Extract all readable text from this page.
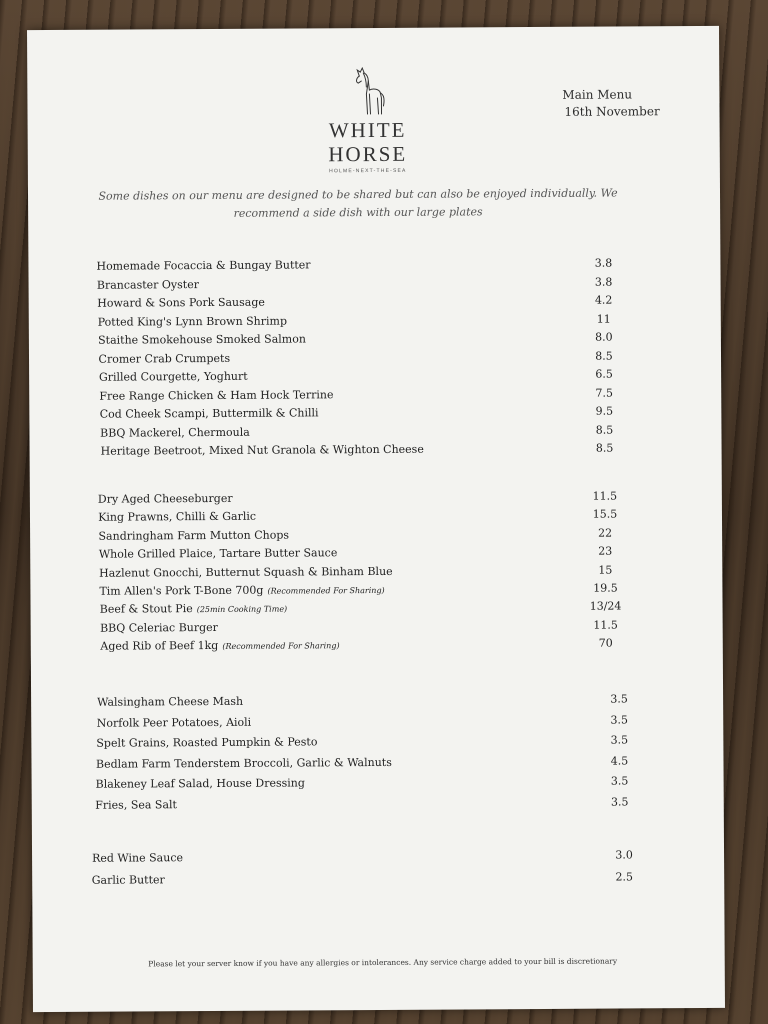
WHITE
HORSE
HOLME-NEXT-THE-SEA
Main Menu
16th November
Some dishes on our menu are designed to be shared but can also be enjoyed individually. We recommend a side dish with our large plates
Homemade Focaccia & Bungay Butter	3.8
Brancaster Oyster	3.8
Howard & Sons Pork Sausage	4.2
Potted King's Lynn Brown Shrimp	11
Staithe Smokehouse Smoked Salmon	8.0
Cromer Crab Crumpets	8.5
Grilled Courgette, Yoghurt	6.5
Free Range Chicken & Ham Hock Terrine	7.5
Cod Cheek Scampi, Buttermilk & Chilli	9.5
BBQ Mackerel, Chermoula	8.5
Heritage Beetroot, Mixed Nut Granola & Wighton Cheese	8.5
Dry Aged Cheeseburger	11.5
King Prawns, Chilli & Garlic	15.5
Sandringham Farm Mutton Chops	22
Whole Grilled Plaice, Tartare Butter Sauce	23
Hazlenut Gnocchi, Butternut Squash & Binham Blue	15
Tim Allen's Pork T-Bone 700g (Recommended For Sharing)	19.5
Beef & Stout Pie (25min Cooking Time)	13/24
BBQ Celeriac Burger	11.5
Aged Rib of Beef 1kg (Recommended For Sharing)	70
Walsingham Cheese Mash	3.5
Norfolk Peer Potatoes, Aioli	3.5
Spelt Grains, Roasted Pumpkin & Pesto	3.5
Bedlam Farm Tenderstem Broccoli, Garlic & Walnuts	4.5
Blakeney Leaf Salad, House Dressing	3.5
Fries, Sea Salt	3.5
Red Wine Sauce	3.0
Garlic Butter	2.5
Please let your server know if you have any allergies or intolerances. Any service charge added to your bill is discretionary
